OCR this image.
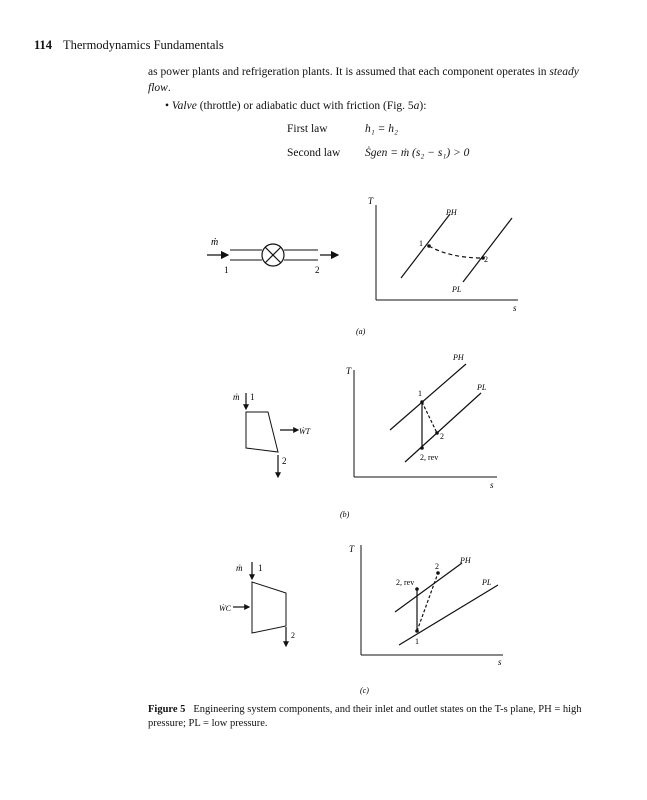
114 Thermodynamics Fundamentals
as power plants and refrigeration plants. It is assumed that each component operates in steady flow.
• Valve (throttle) or adiabatic duct with friction (Fig. 5a):
First law	h₁ = h₂
Second law Ṡgen = ṁ (s₂ − s₁) > 0
ṁ
1	2
T
s
PH
PL
1
2
(a)
ṁ 1
ẆT
2
T
s
PH
PL
1
2
2, rev
(b)
ṁ 1
ẆC
2
T
s
PH
PL
1
2
2, rev
(c)
Figure 5 Engineering system components, and their inlet and outlet states on the T-s plane, PH = high pressure; PL = low pressure.
